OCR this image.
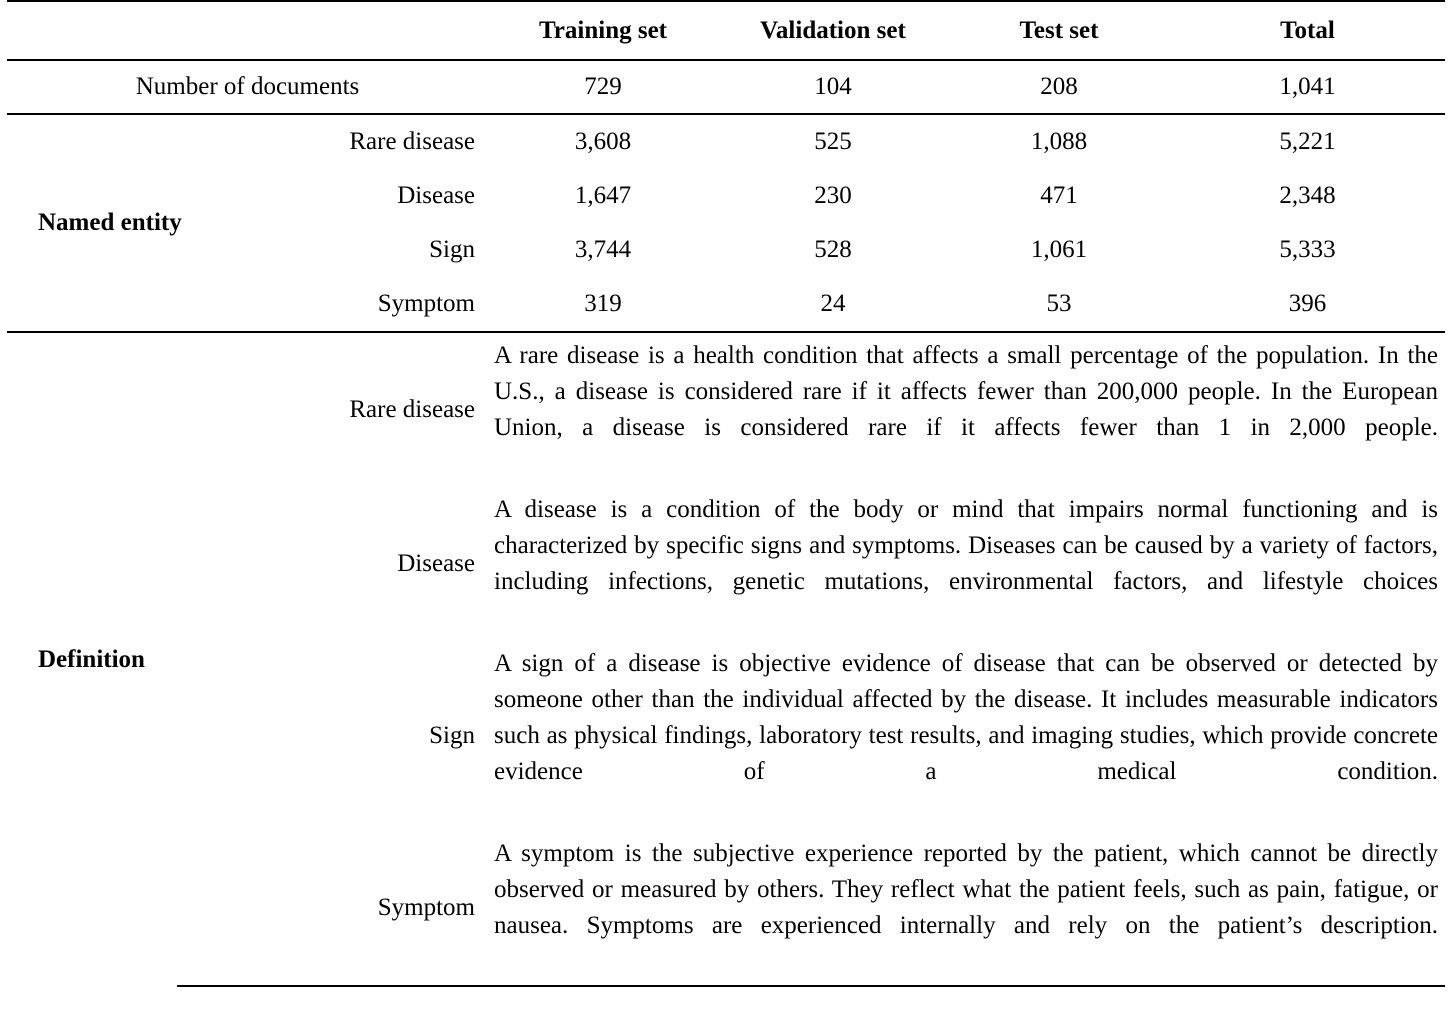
		Training set	Validation set	Test set	Total
Number of documents		729	104	208	1,041
Named entity	Rare disease	3,608	525	1,088	5,221
	Disease	1,647	230	471	2,348
	Sign	3,744	528	1,061	5,333
	Symptom	319	24	53	396
Definition	Rare disease	A rare disease is a health condition that affects a small percentage of the population. In the U.S., a disease is considered rare if it affects fewer than 200,000 people. In the European Union, a disease is considered rare if it affects fewer than 1 in 2,000 people.			
	Disease	A disease is a condition of the body or mind that impairs normal functioning and is characterized by specific signs and symptoms. Diseases can be caused by a variety of factors, including infections, genetic mutations, environmental factors, and lifestyle choices			
	Sign	A sign of a disease is objective evidence of disease that can be observed or detected by someone other than the individual affected by the disease. It includes measurable indicators such as physical findings, laboratory test results, and imaging studies, which provide concrete evidence of a medical condition.			
	Symptom	A symptom is the subjective experience reported by the patient, which cannot be directly observed or measured by others. They reflect what the patient feels, such as pain, fatigue, or nausea. Symptoms are experienced internally and rely on the patient’s description.			
